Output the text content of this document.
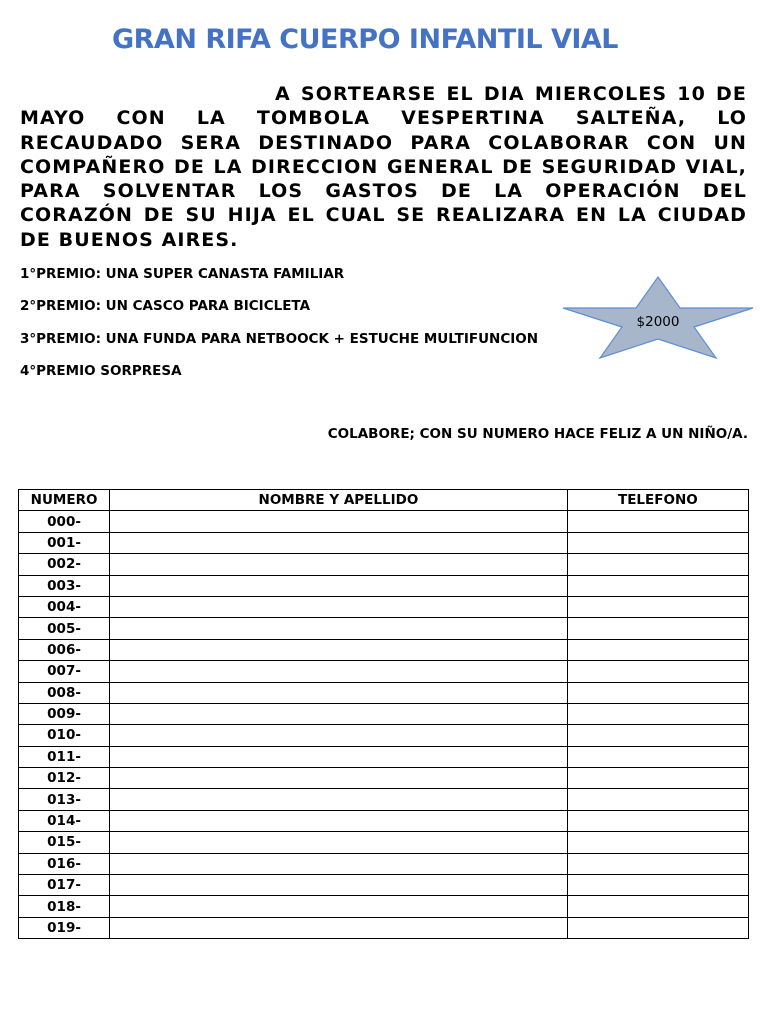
GRAN RIFA CUERPO INFANTIL VIAL

A SORTEARSE EL DIA MIERCOLES 10 DE MAYO CON LA TOMBOLA VESPERTINA SALTEÑA, LO RECAUDADO SERA DESTINADO PARA COLABORAR CON UN COMPAÑERO DE LA DIRECCION GENERAL DE SEGURIDAD VIAL, PARA SOLVENTAR LOS GASTOS DE LA OPERACIÓN DEL CORAZÓN DE SU HIJA EL CUAL SE REALIZARA EN LA CIUDAD DE BUENOS AIRES.

1°PREMIO: UNA SUPER CANASTA FAMILIAR
2°PREMIO: UN CASCO PARA BICICLETA
3°PREMIO: UNA FUNDA PARA NETBOOCK + ESTUCHE MULTIFUNCION
4°PREMIO SORPRESA
$2000
COLABORE; CON SU NUMERO HACE FELIZ A UN NIÑO/A.
NUMERO	NOMBRE Y APELLIDO	TELEFONO
000-		
001-		
002-		
003-		
004-		
005-		
006-		
007-		
008-		
009-		
010-		
011-		
012-		
013-		
014-		
015-		
016-		
017-		
018-		
019-		
